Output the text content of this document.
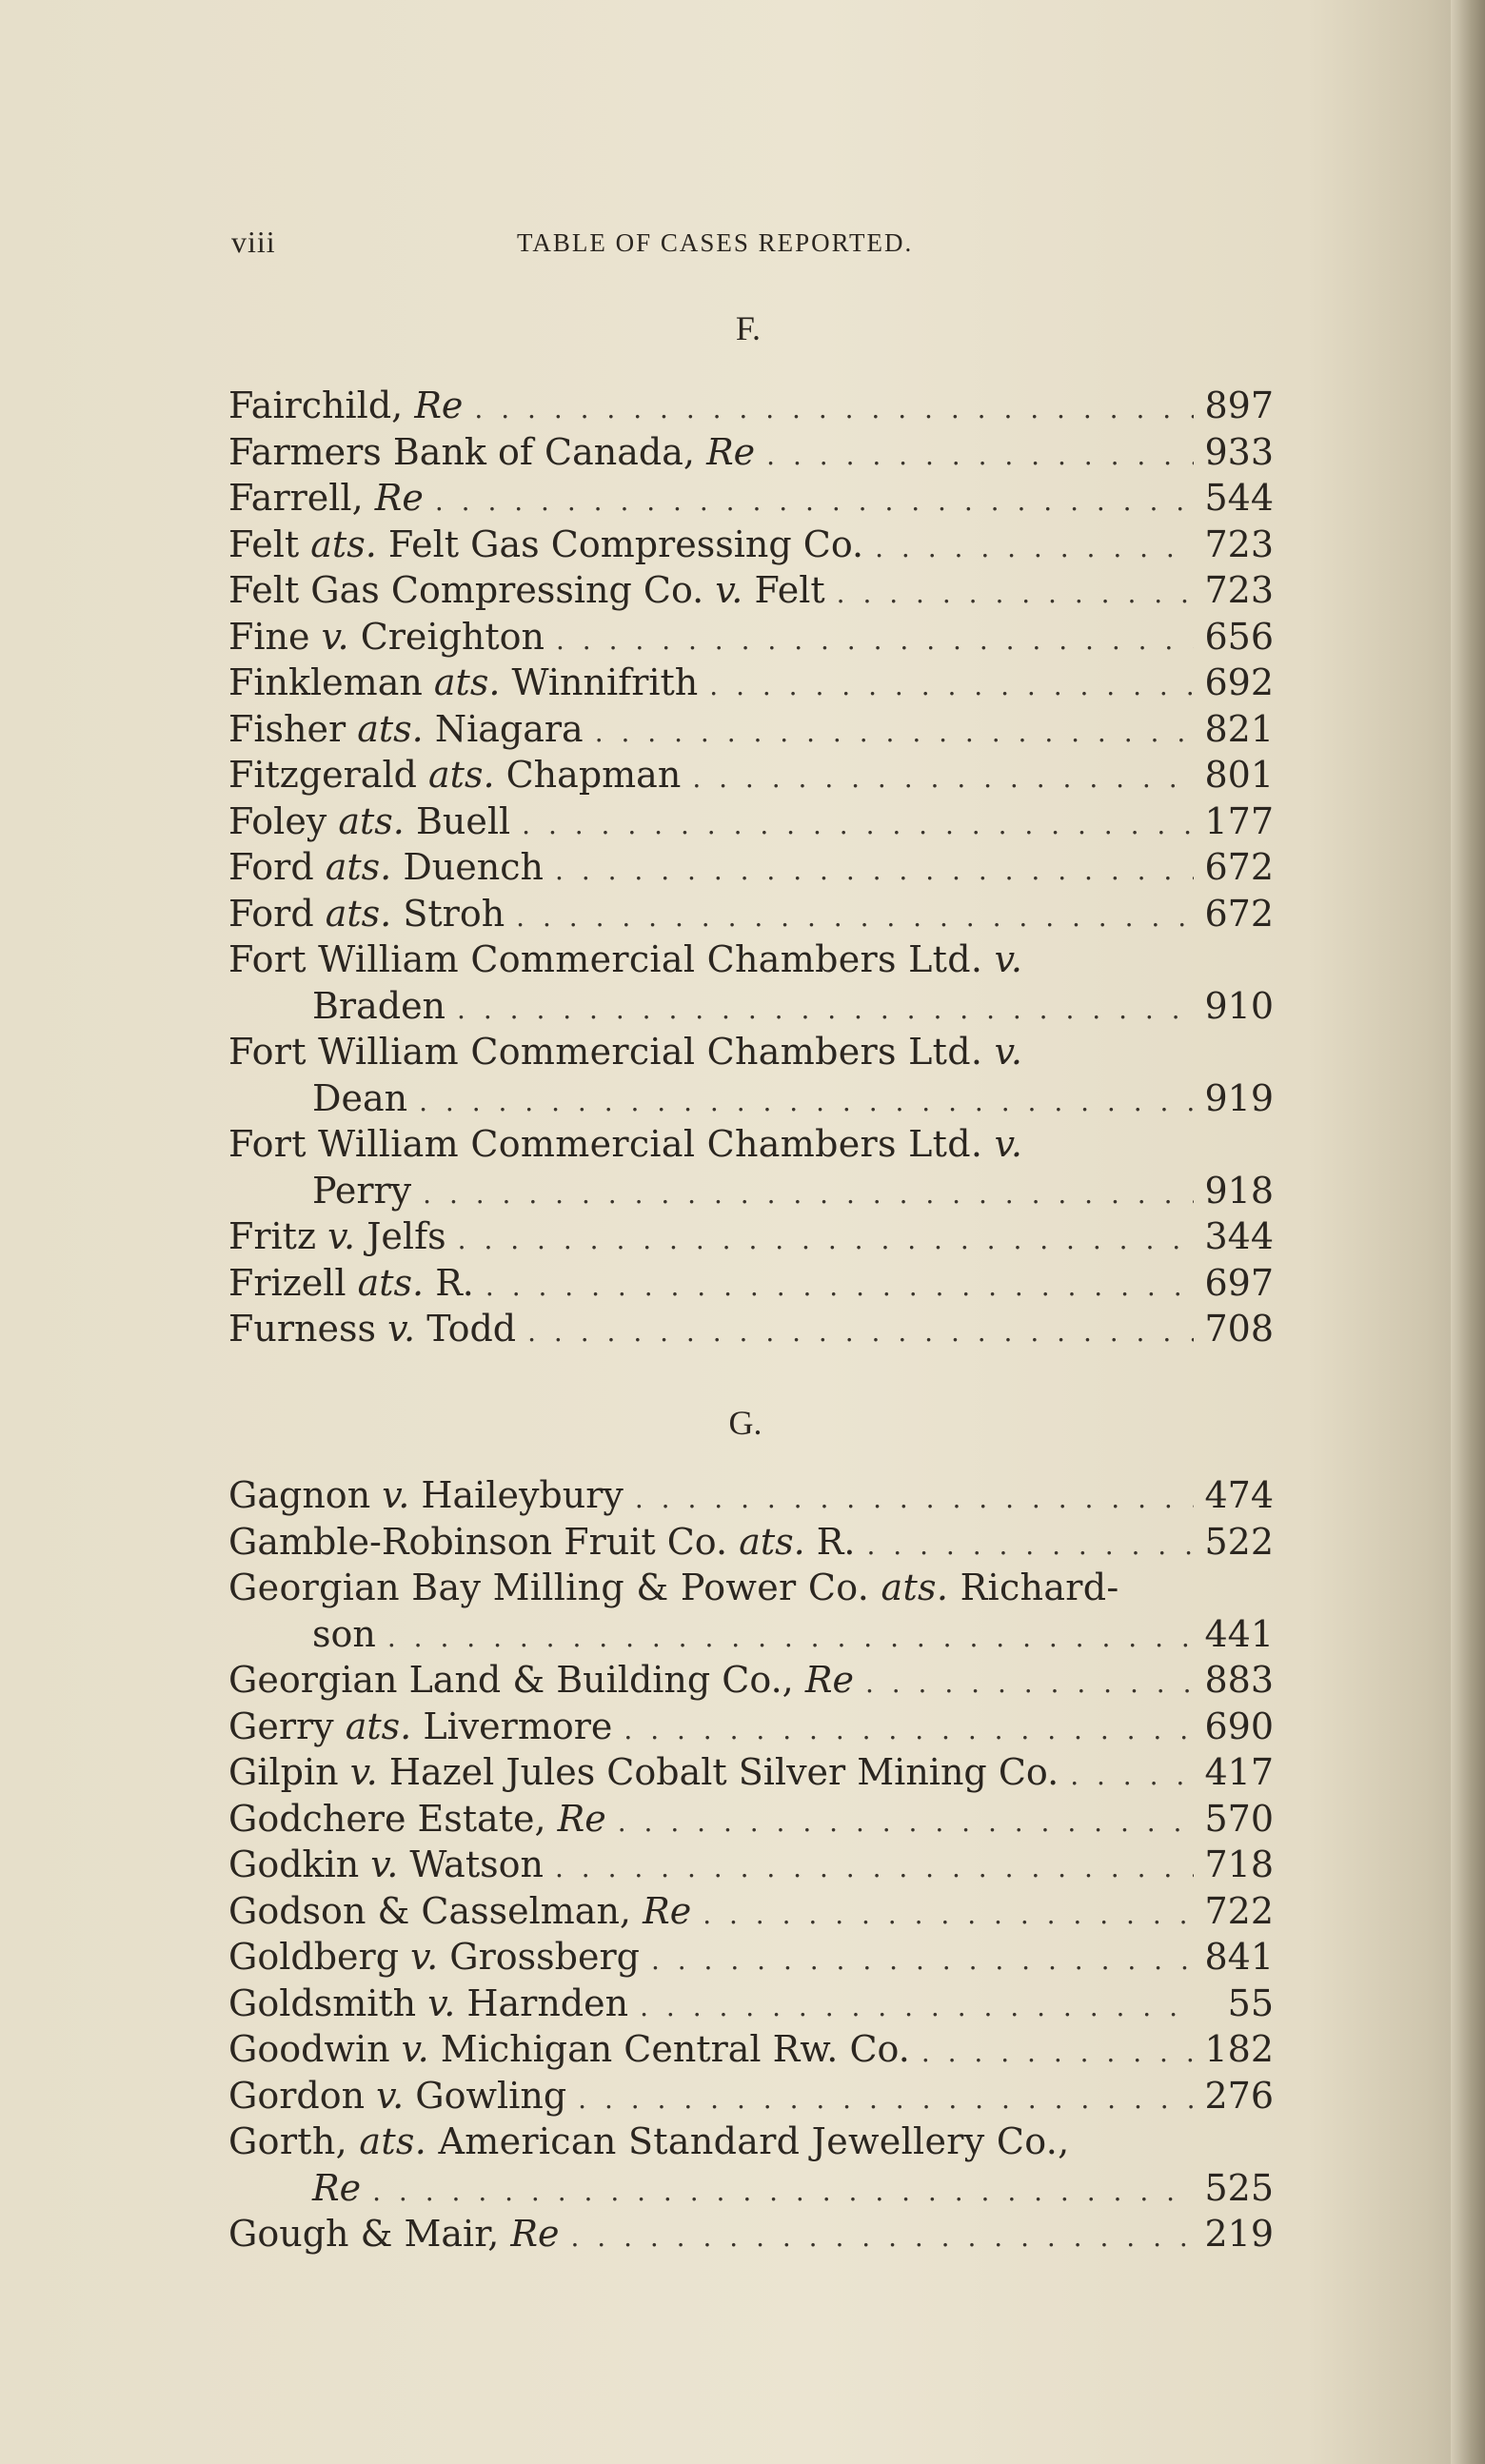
viii	TABLE OF CASES REPORTED.
F.
Fairchild, Re . . .	897
Farmers Bank of Canada, Re . . .	933
Farrell, Re . . .	544
Felt ats. Felt Gas Compressing Co. . . .	723
Felt Gas Compressing Co. v. Felt . . .	723
Fine v. Creighton . . .	656
Finkleman ats. Winnifrith . . .	692
Fisher ats. Niagara . . .	821
Fitzgerald ats. Chapman . . .	801
Foley ats. Buell . . .	177
Ford ats. Duench . . .	672
Ford ats. Stroh . . .	672
Fort William Commercial Chambers Ltd. v.
Braden . . .	910
Fort William Commercial Chambers Ltd. v.
Dean . . .	919
Fort William Commercial Chambers Ltd. v.
Perry . . .	918
Fritz v. Jelfs . . .	344
Frizell ats. R. . . .	697
Furness v. Todd . . .	708
G.
Gagnon v. Haileybury . . .	474
Gamble-Robinson Fruit Co. ats. R. . . .	522
Georgian Bay Milling & Power Co. ats. Richard-
son . . .	441
Georgian Land & Building Co., Re . . .	883
Gerry ats. Livermore . . .	690
Gilpin v. Hazel Jules Cobalt Silver Mining Co. . . .	417
Godchere Estate, Re . . .	570
Godkin v. Watson . . .	718
Godson & Casselman, Re . . .	722
Goldberg v. Grossberg . . .	841
Goldsmith v. Harnden . . .	55
Goodwin v. Michigan Central Rw. Co. . . .	182
Gordon v. Gowling . . .	276
Gorth, ats. American Standard Jewellery Co.,
Re . . .	525
Gough & Mair, Re . . .	219
